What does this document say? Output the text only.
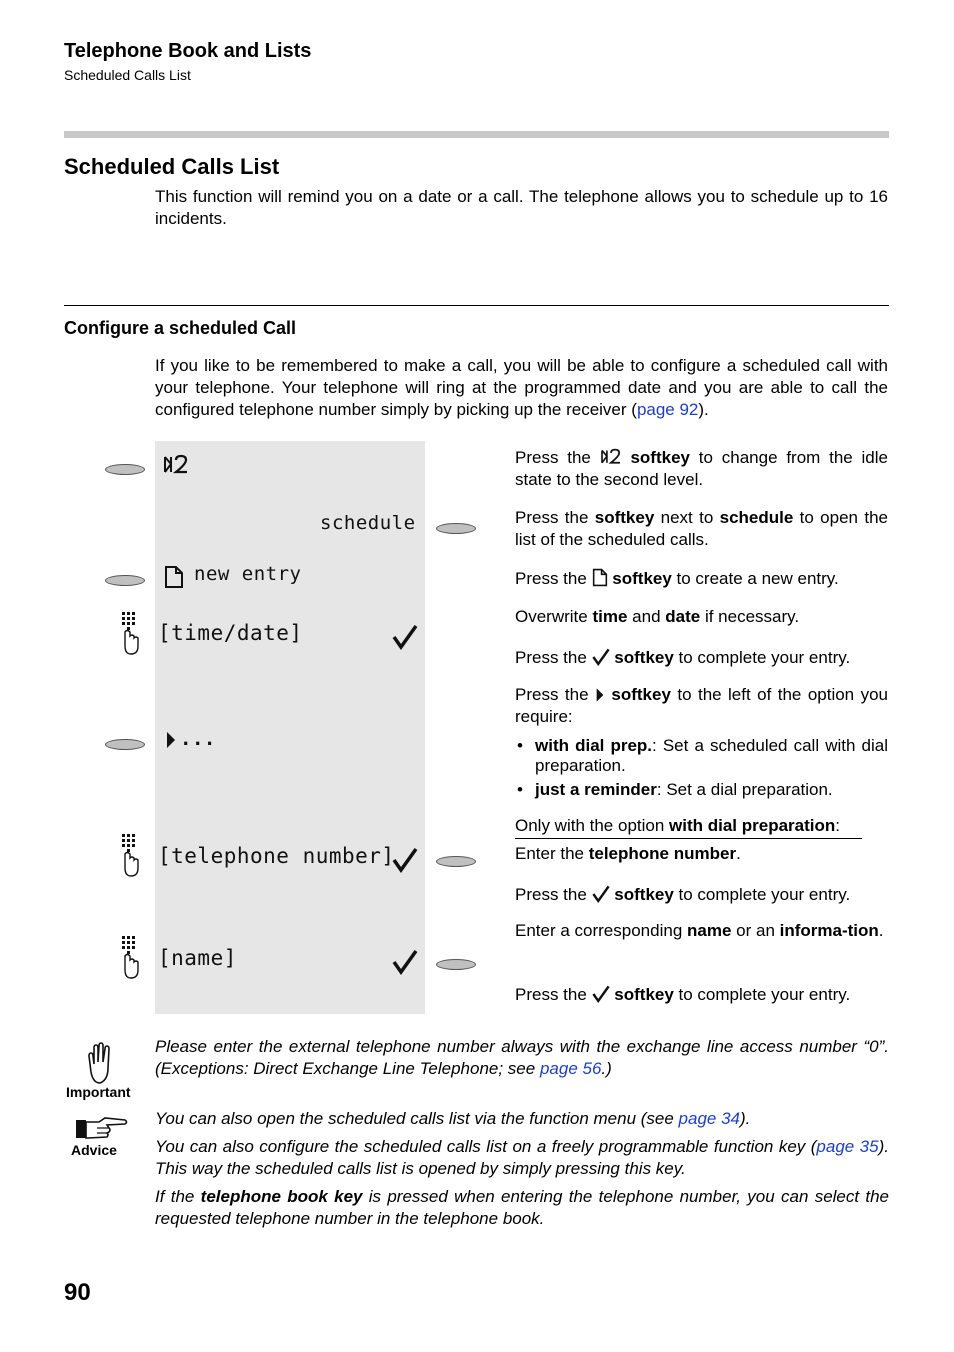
Telephone Book and Lists
Scheduled Calls List
Scheduled Calls List
This function will remind you on a date or a call. The telephone allows you to schedule up to 16 incidents.
Configure a scheduled Call
If you like to be remembered to make a call, you will be able to configure a scheduled call with your telephone. Your telephone will ring at the programmed date and you are able to call the configured telephone number simply by picking up the receiver (page 92).
schedule
new entry
[time/date]
...
[telephone number]
[name]
Press the  softkey to change from the idle state to the second level.
Press the softkey next to schedule to open the list of the scheduled calls.
Press the  softkey to create a new entry.
Overwrite time and date if necessary.
Press the  softkey to complete your entry.
Press the  softkey to the left of the option you require:
• with dial prep.: Set a scheduled call with dial preparation.
• just a reminder: Set a dial preparation.
Only with the option with dial preparation:
Enter the telephone number.
Press the  softkey to complete your entry.
Enter a corresponding name or an informa-tion.
Press the  softkey to complete your entry.
Important
Please enter the external telephone number always with the exchange line access number “0”. (Exceptions: Direct Exchange Line Telephone; see page 56.)
Advice
You can also open the scheduled calls list via the function menu (see page 34).
You can also configure the scheduled calls list on a freely programmable function key (page 35). This way the scheduled calls list is opened by simply pressing this key.
If the telephone book key is pressed when entering the telephone number, you can select the requested telephone number in the telephone book.
90
